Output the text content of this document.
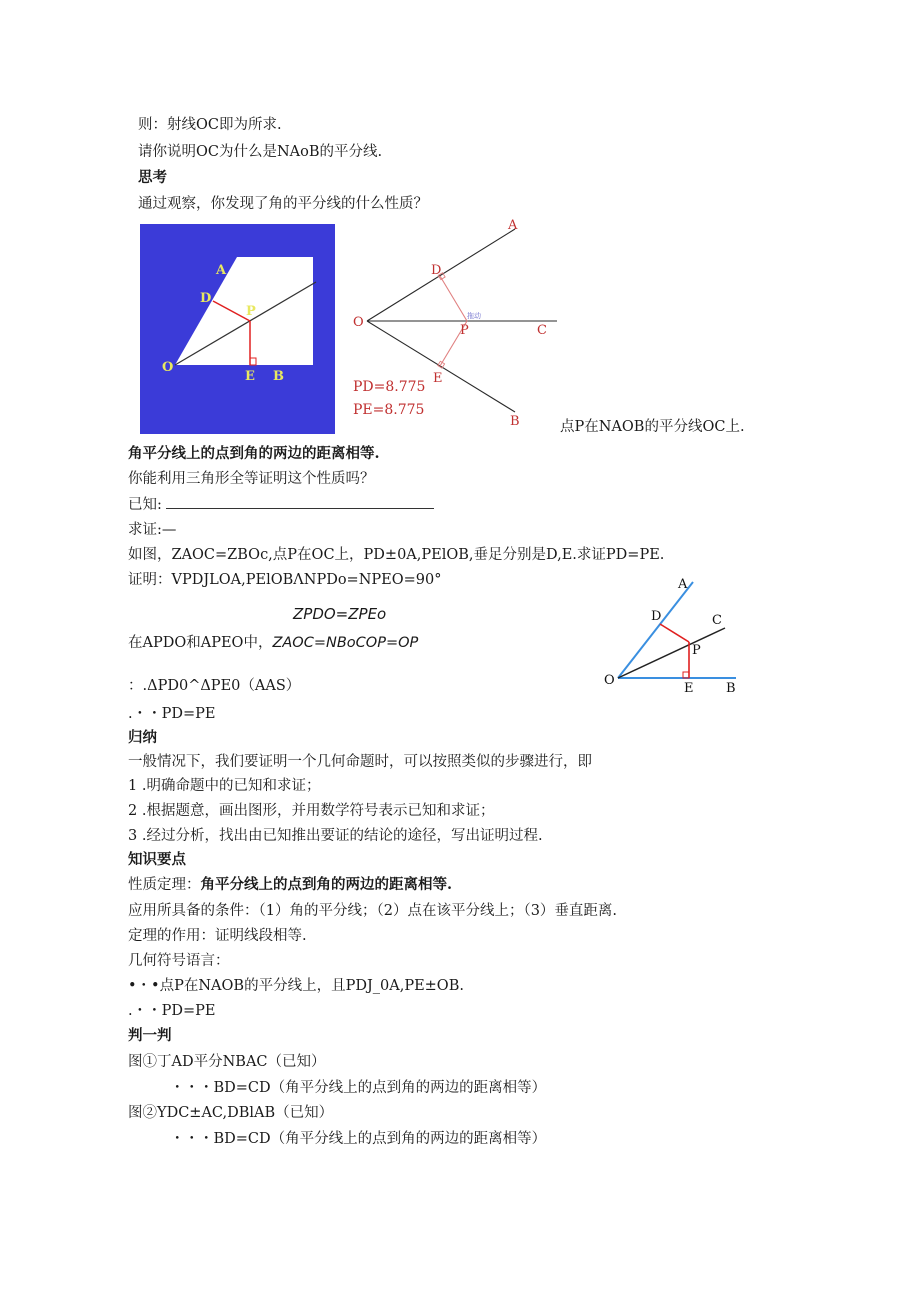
则：射线OC即为所求.
请你说明OC为什么是NAoB的平分线.
思考
通过观察，你发现了角的平分线的什么性质？
A
D
P
O
E B
A
D
O	拖动
P	C
E
PD=8.775
PE=8.775
B	点P在NAOB的平分线OC上.
角平分线上的点到角的两边的距离相等.
你能利用三角形全等证明这个性质吗？
已知:
求证:—
如图，ZAOC=ZBOc,点P在OC上，PD±0A,PElOB,垂足分别是D,E.求证PD=PE.
证明：VPDJLOA,PElOBΛNPDo=NPEO=90°
ZPDO=ZPEo
在APDO和APEO中，ZAOC=NBoCOP=OP
：.ΔPD0^ΔPE0（AAS）
.・・PD=PE
A
C
D
P
O
E	B
归纳
一般情况下，我们要证明一个几何命题时，可以按照类似的步骤进行，即
1 .明确命题中的已知和求证；
2 .根据题意，画出图形，并用数学符号表示已知和求证；
3 .经过分析，找出由已知推出要证的结论的途径，写出证明过程.
知识要点
性质定理：角平分线上的点到角的两边的距离相等.
应用所具备的条件：（1）角的平分线；（2）点在该平分线上；（3）垂直距离.
定理的作用：证明线段相等.
几何符号语言：
•・•点P在NAOB的平分线上，且PDJ_0A,PE±OB.
.・・PD=PE
判一判
图①丁AD平分NBAC（已知）
・・・BD=CD（角平分线上的点到角的两边的距离相等）
图②YDC±AC,DBlAB（已知）
・・・BD=CD（角平分线上的点到角的两边的距离相等）
